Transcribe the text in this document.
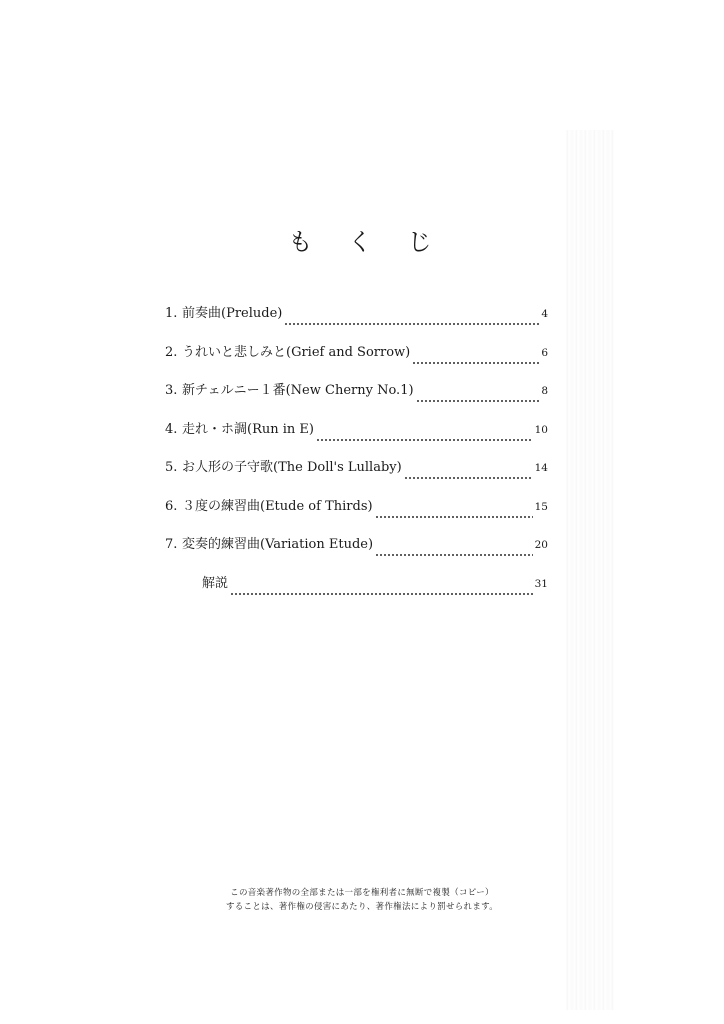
も く じ
1. 前奏曲(Prelude)	4
2. うれいと悲しみと(Grief and Sorrow)	6
3. 新チェルニー１番(New Cherny No.1)	8
4. 走れ・ホ調(Run in E)	10
5. お人形の子守歌(The Doll's Lullaby)	14
6. ３度の練習曲(Etude of Thirds)	15
7. 変奏的練習曲(Variation Etude)	20
解説	31

この音楽著作物の全部または一部を権利者に無断で複製（コピー）

することは、著作権の侵害にあたり、著作権法により罰せられます。
